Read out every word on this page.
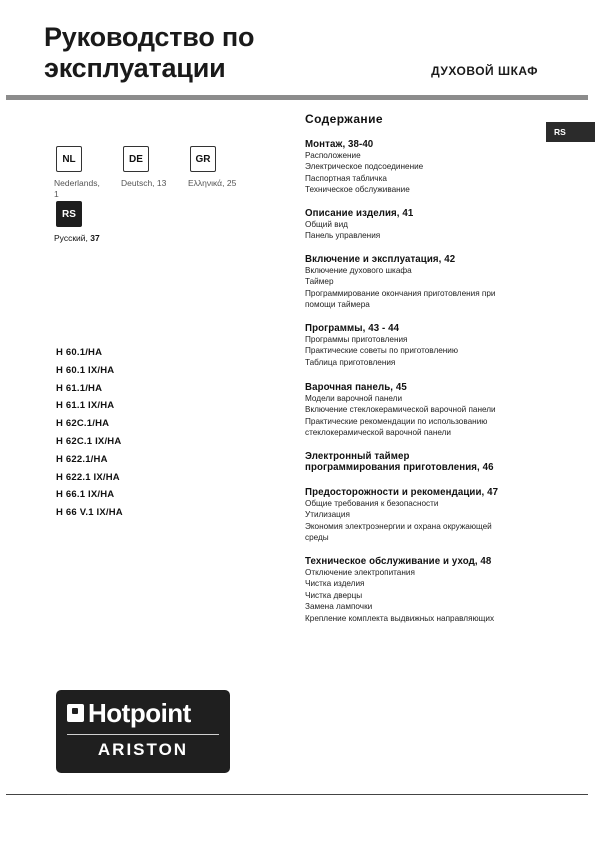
Руководство по
эксплуатации	ДУХОВОЙ ШКАФ
NL
Nederlands,
1
DE
Deutsch, 13
GR
Ελληνικά, 25
RS
Русский, 37
H 60.1/HA
H 60.1 IX/HA
H 61.1/HA
H 61.1 IX/HA
H 62C.1/HA
H 62C.1 IX/HA
H 622.1/HA
H 622.1 IX/HA
H 66.1 IX/HA
H 66 V.1 IX/HA
Содержание
Монтаж, 38-40
Расположение
Электрическое подсоединение
Паспортная табличка
Техническое обслуживание
Описание изделия, 41
Общий вид
Панель управления
Включение и эксплуатация, 42
Включение духового шкафа
Таймер
Программирование окончания приготовления при
помощи таймера
Программы, 43 - 44
Программы приготовления
Практические советы по приготовлению
Таблица приготовления
Варочная панель, 45
Модели варочной панели
Включение стеклокерамической варочной панели
Практические рекомендации по использованию
стеклокерамической варочной панели
Электронный таймер
программирования приготовления, 46
Предосторожности и рекомендации, 47
Общие требования к безопасности
Утилизация
Экономия электроэнергии и охрана окружающей
среды
Техническое обслуживание и уход, 48
Отключение электропитания
Чистка изделия
Чистка дверцы
Замена лампочки
Крепление комплекта выдвижных направляющих
RS
Hotpoint
ARISTON
